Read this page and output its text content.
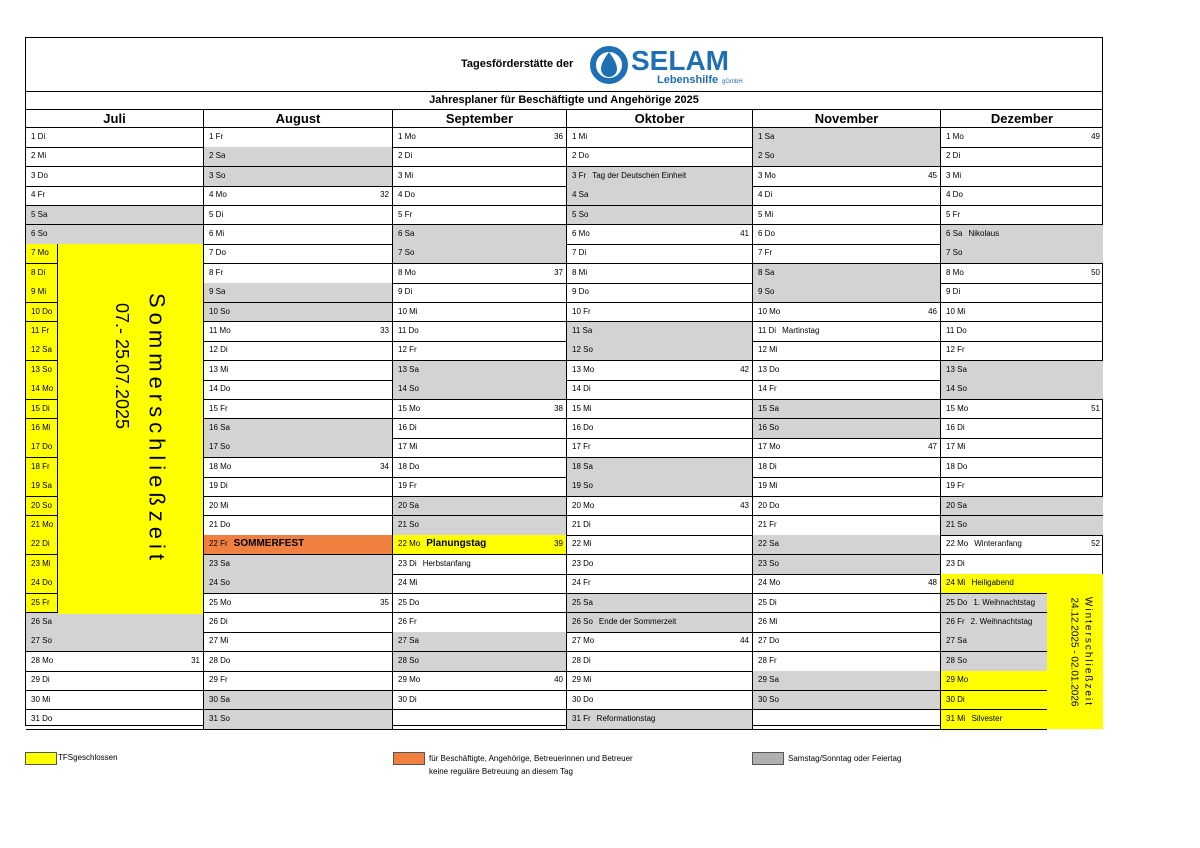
Tagesförderstätte der SELAM
Lebenshilfe gGmbH
Jahresplaner für Beschäftigte und Angehörige 2025
Juli
1 Di
2 Mi
3 Do
4 Fr
5 Sa
6 So
7 Mo
8 Di
9 Mi
10 Do
11 Fr
12 Sa
13 So
14 Mo
15 Di
16 Mi
17 Do
18 Fr
19 Sa
20 So
21 Mo
22 Di
23 Mi
24 Do
25 Fr
26 Sa
27 So
28 Mo	31
29 Di
30 Mi
31 Do
August
1 Fr
2 Sa
3 So
4 Mo	32
5 Di
6 Mi
7 Do
8 Fr
9 Sa
10 So
11 Mo	33
12 Di
13 Mi
14 Do
15 Fr
16 Sa
17 So
18 Mo	34
19 Di
20 Mi
21 Do
22 Fr SOMMERFEST
23 Sa
24 So
25 Mo	35
26 Di
27 Mi
28 Do
29 Fr
30 Sa
31 So
September
1 Mo	36
2 Di
3 Mi
4 Do
5 Fr
6 Sa
7 So
8 Mo	37
9 Di
10 Mi
11 Do
12 Fr
13 Sa
14 So
15 Mo	38
16 Di
17 Mi
18 Do
19 Fr
20 Sa
21 So
22 Mo Planungstag	39
23 Di Herbstanfang
24 Mi
25 Do
26 Fr
27 Sa
28 So
29 Mo	40
30 Di
Oktober
1 Mi
2 Do
3 Fr Tag der Deutschen Einheit
4 Sa
5 So
6 Mo	41
7 Di
8 Mi
9 Do
10 Fr
11 Sa
12 So
13 Mo	42
14 Di
15 Mi
16 Do
17 Fr
18 Sa
19 So
20 Mo	43
21 Di
22 Mi
23 Do
24 Fr
25 Sa
26 So Ende der Sommerzeit
27 Mo	44
28 Di
29 Mi
30 Do
31 Fr Reformationstag
November
1 Sa
2 So
3 Mo	45
4 Di
5 Mi
6 Do
7 Fr
8 Sa
9 So
10 Mo	46
11 Di Martinstag
12 Mi
13 Do
14 Fr
15 Sa
16 So
17 Mo	47
18 Di
19 Mi
20 Do
21 Fr
22 Sa
23 So
24 Mo	48
25 Di
26 Mi
27 Do
28 Fr
29 Sa
30 So
Dezember
1 Mo	49
2 Di
3 Mi
4 Do
5 Fr
6 Sa Nikolaus
7 So
8 Mo	50
9 Di
10 Mi
11 Do
12 Fr
13 Sa
14 So
15 Mo	51
16 Di
17 Mi
18 Do
19 Fr
20 Sa
21 So
22 Mo Winteranfang	52
23 Di
24 Mi Heiligabend
25 Do 1. Weihnachtstag
26 Fr 2. Weihnachtstag
27 Sa
28 So
29 Mo
30 Di
31 Mi Silvester
Sommerschließzeit
07.- 25.07.2025
Winterschließzeit
24.12.2025 - 02.01.2026
TFSgeschlossen	für Beschäftigte, Angehörige, Betreuerinnen und Betreuer
keine reguläre Betreuung an diesem Tag
Samstag/Sonntag oder Feiertag
